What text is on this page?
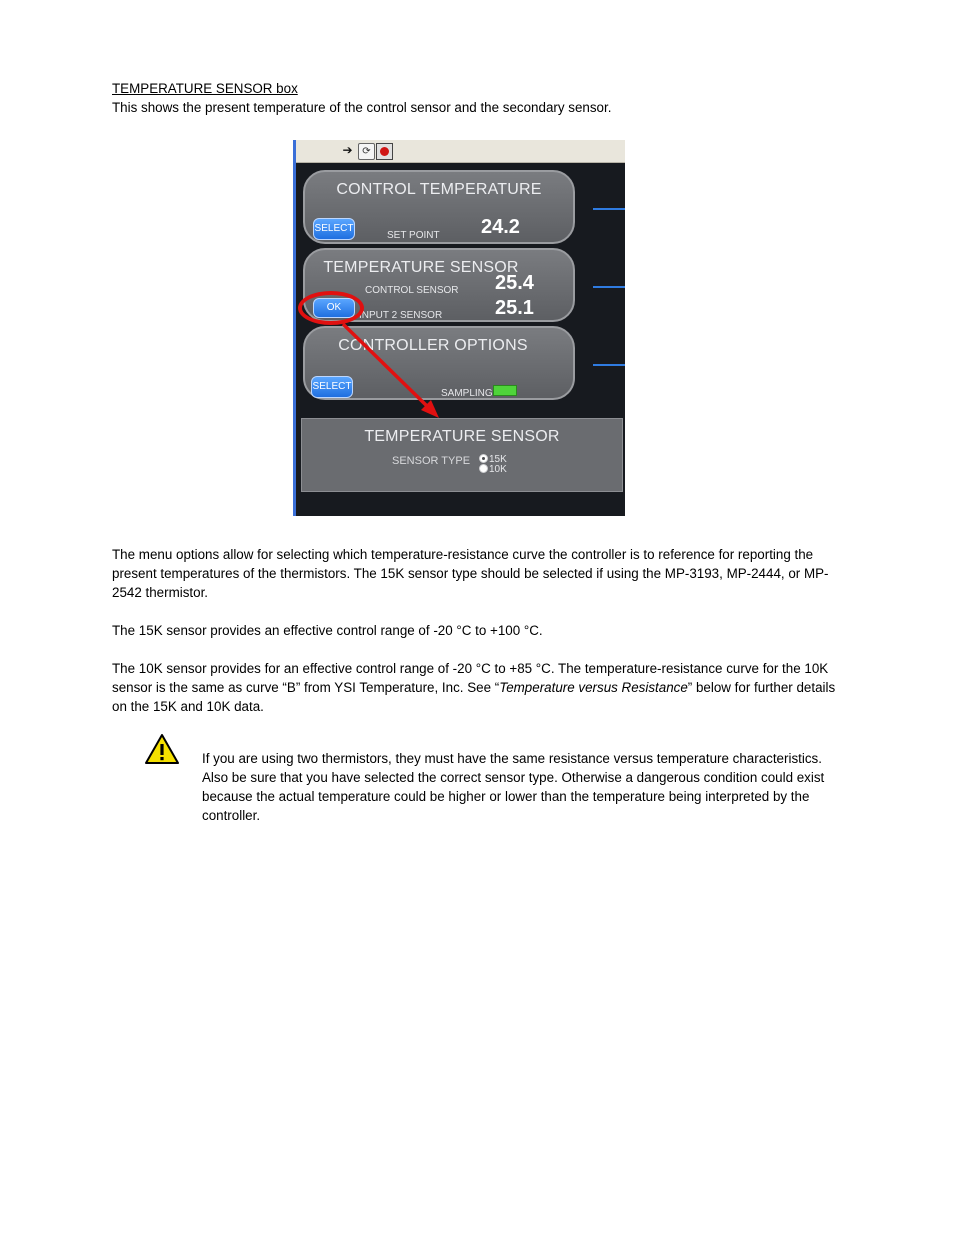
TEMPERATURE SENSOR box
This shows the present temperature of the control sensor and the secondary sensor.
➔ ⟳
CONTROL TEMPERATURE
SELECT
SET POINT 24.2
TEMPERATURE SENSOR
CONTROL SENSOR 25.4
OK
INPUT 2 SENSOR	25.1
CONTROLLER OPTIONS
SELECT
SAMPLING
TEMPERATURE SENSOR
SENSOR TYPE 15K
10K
The menu options allow for selecting which temperature-resistance curve the controller is to reference for reporting the present temperatures of the thermistors. The 15K sensor type should be selected if using the MP-3193, MP-2444, or MP-2542 thermistor.
The 15K sensor provides an effective control range of -20 °C to +100 °C.
The 10K sensor provides for an effective control range of -20 °C to +85 °C. The temperature-resistance curve for the 10K sensor is the same as curve “B” from YSI Temperature, Inc. See “Temperature versus Resistance” below for further details on the 15K and 10K data.
If you are using two thermistors, they must have the same resistance versus temperature characteristics. Also be sure that you have selected the correct sensor type. Otherwise a dangerous condition could exist because the actual temperature could be higher or lower than the temperature being interpreted by the controller.
